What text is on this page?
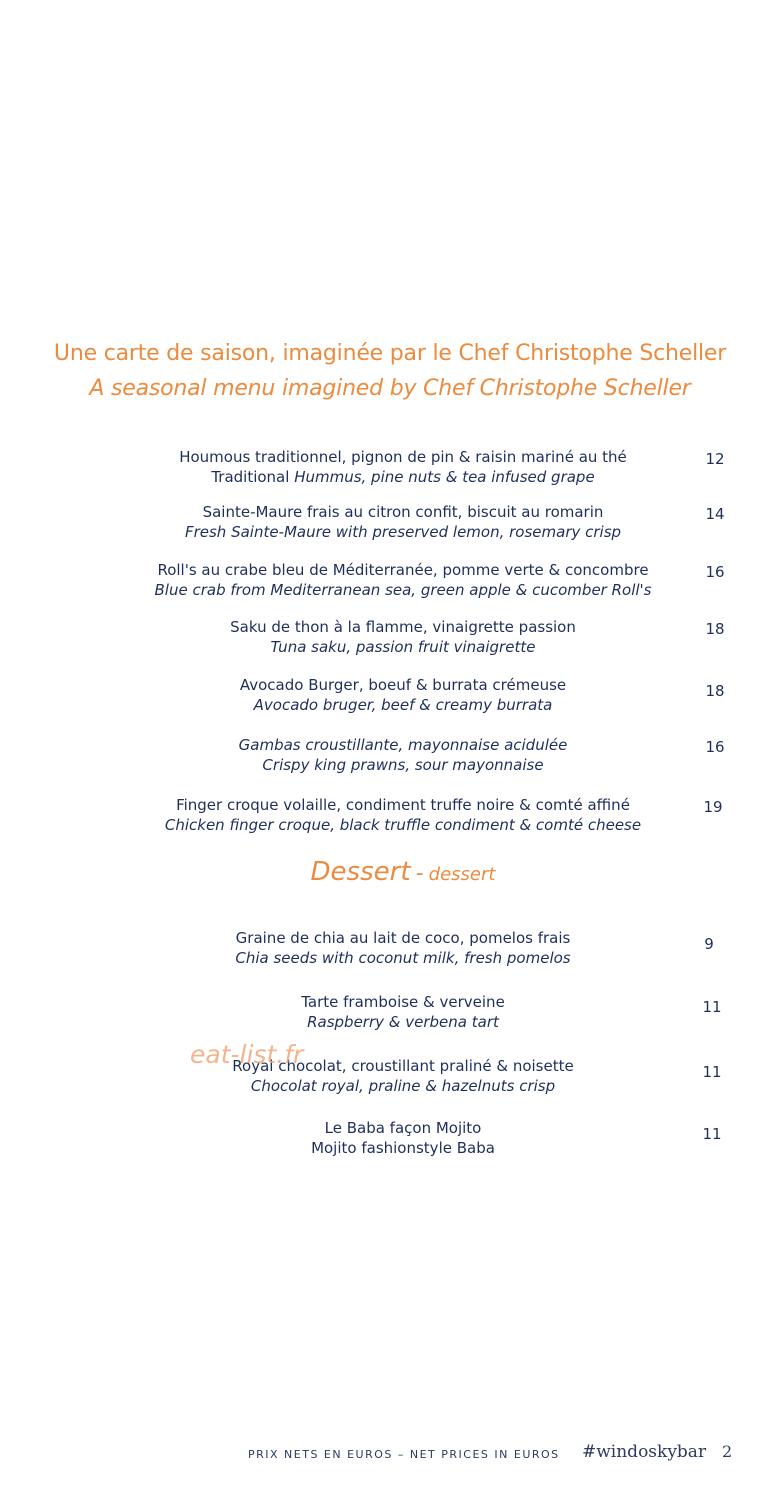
Une carte de saison, imaginée par le Chef Christophe Scheller
A seasonal menu imagined by Chef Christophe Scheller
Houmous traditionnel, pignon de pin & raisin mariné au thé
Traditional Hummus, pine nuts & tea infused grape
12
Sainte-Maure frais au citron confit, biscuit au romarin
Fresh Sainte-Maure with preserved lemon, rosemary crisp
14
Roll's au crabe bleu de Méditerranée, pomme verte & concombre
Blue crab from Mediterranean sea, green apple & cucomber Roll's
16
Saku de thon à la flamme, vinaigrette passion
Tuna saku, passion fruit vinaigrette
18
Avocado Burger, boeuf & burrata crémeuse
Avocado bruger, beef & creamy burrata
18
Gambas croustillante, mayonnaise acidulée
Crispy king prawns, sour mayonnaise
16
Finger croque volaille, condiment truffe noire & comté affiné
Chicken finger croque, black truffle condiment & comté cheese
19
Dessert - dessert
Graine de chia au lait de coco, pomelos frais
Chia seeds with coconut milk, fresh pomelos
9
Tarte framboise & verveine
Raspberry & verbena tart
11
Royal chocolat, croustillant praliné & noisette
Chocolat royal, praline & hazelnuts crisp
11
Le Baba façon Mojito
Mojito fashionstyle Baba
11
eat-list.fr
PRIX NETS EN EUROS – NET PRICES IN EUROS #windoskybar 2
